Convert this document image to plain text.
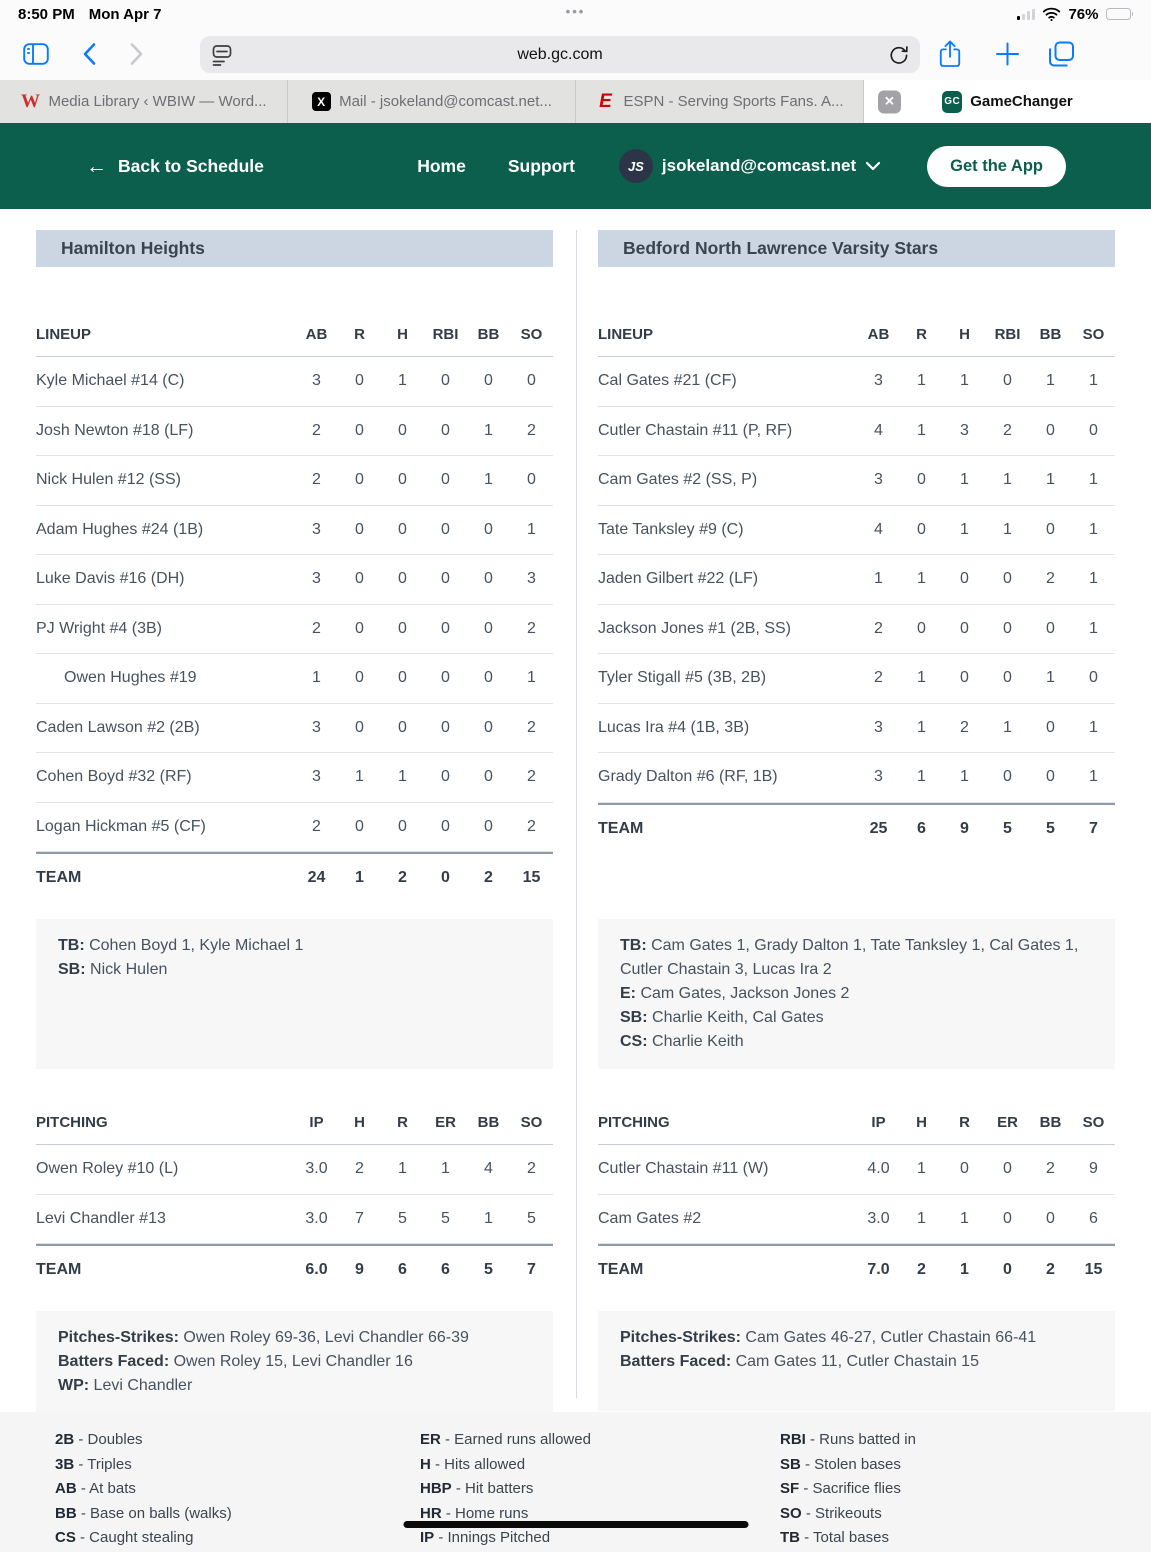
8:50 PM Mon Apr 7	•••	76%
web.gc.com
W Media Library ‹ WBIW — Word...	X Mail - jsokeland@comcast.net... E ESPN - Serving Sports Fans. A...	✕	GC GameChanger
← Back to Schedule	Home Support	JS	jsokeland@comcast.net	Get the App
Hamilton Heights
LINEUP	AB	R	H	RBI	BB	SO
Kyle Michael #14 (C)	3	0	1	0	0	0
Josh Newton #18 (LF)	2	0	0	0	1	2
Nick Hulen #12 (SS)	2	0	0	0	1	0
Adam Hughes #24 (1B)	3	0	0	0	0	1
Luke Davis #16 (DH)	3	0	0	0	0	3
PJ Wright #4 (3B)	2	0	0	0	0	2
Owen Hughes #19	1	0	0	0	0	1
Caden Lawson #2 (2B)	3	0	0	0	0	2
Cohen Boyd #32 (RF)	3	1	1	0	0	2
Logan Hickman #5 (CF)	2	0	0	0	0	2
TEAM	24	1	2	0	2	15
TB: Cohen Boyd 1, Kyle Michael 1
SB: Nick Hulen
PITCHING	IP	H	R	ER	BB	SO
Owen Roley #10 (L)	3.0	2	1	1	4	2
Levi Chandler #13	3.0	7	5	5	1	5
TEAM	6.0	9	6	6	5	7
Pitches-Strikes: Owen Roley 69-36, Levi Chandler 66-39
Batters Faced: Owen Roley 15, Levi Chandler 16
WP: Levi Chandler
Bedford North Lawrence Varsity Stars
LINEUP	AB	R	H	RBI	BB	SO
Cal Gates #21 (CF)	3	1	1	0	1	1
Cutler Chastain #11 (P, RF)	4	1	3	2	0	0
Cam Gates #2 (SS, P)	3	0	1	1	1	1
Tate Tanksley #9 (C)	4	0	1	1	0	1
Jaden Gilbert #22 (LF)	1	1	0	0	2	1
Jackson Jones #1 (2B, SS)	2	0	0	0	0	1
Tyler Stigall #5 (3B, 2B)	2	1	0	0	1	0
Lucas Ira #4 (1B, 3B)	3	1	2	1	0	1
Grady Dalton #6 (RF, 1B)	3	1	1	0	0	1
TEAM	25	6	9	5	5	7
TB: Cam Gates 1, Grady Dalton 1, Tate Tanksley 1, Cal Gates 1, Cutler Chastain 3, Lucas Ira 2
E: Cam Gates, Jackson Jones 2
SB: Charlie Keith, Cal Gates
CS: Charlie Keith
PITCHING	IP	H	R	ER	BB	SO
Cutler Chastain #11 (W)	4.0	1	0	0	2	9
Cam Gates #2	3.0	1	1	0	0	6
TEAM	7.0	2	1	0	2	15
Pitches-Strikes: Cam Gates 46-27, Cutler Chastain 66-41
Batters Faced: Cam Gates 11, Cutler Chastain 15
2B - Doubles
3B - Triples
AB - At bats
BB - Base on balls (walks)
CS - Caught stealing
ER - Earned runs allowed
H - Hits allowed
HBP - Hit batters
HR - Home runs
IP - Innings Pitched
RBI - Runs batted in
SB - Stolen bases
SF - Sacrifice flies
SO - Strikeouts
TB - Total bases
